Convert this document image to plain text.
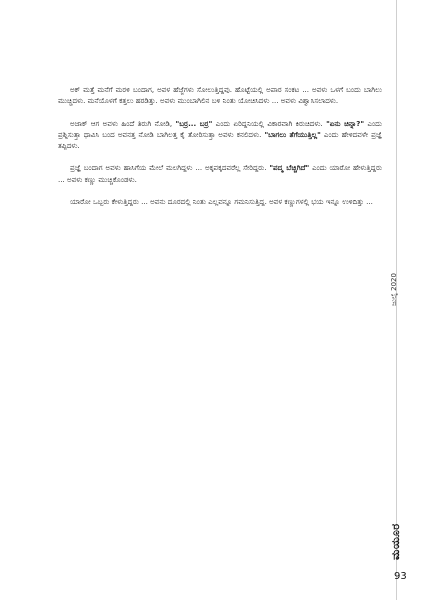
ಅಕ್ ಮತ್ತೆ ಮನೆಗೆ ಮರಳಿ ಬಂದಾಗ, ಅವಳ ಹೆಜ್ಜೆಗಳು ಸೋಲುತ್ತಿದ್ದವು. ಹೊಟ್ಟೆಯಲ್ಲಿ ಅಪಾರ ಸಂಕಟ ... ಅವಳು ಒಳಗೆ ಬಂದು ಬಾಗಿಲು ಮುಚ್ಚಿದಳು. ಮನೆಯೊಳಗೆ ಕತ್ತಲು ಹರಡಿತ್ತು. ಅವಳು ಮುಂಬಾಗಿಲಿನ ಬಳಿ ನಿಂತು ಯೋಚಿಸಿದಳು ... ಅವಳು ವಿಶ್ವಾಸಿಸಲಾದಳು.

ಅಜಾಕ್ ಆಗ ಅವಳು ಹಿಂದೆ ತಿರುಗಿ ನೋಡಿ, "ಬರ್ರ... ಬರ್ರ" ಎಂದು ಏರಿದ್ದನಿಯಲ್ಲಿ ವಿಕಾರವಾಗಿ ಕಿರುಚಿದಳು. "ಏನು ಚಿನ್ನಾ?" ಎಂದು ಪ್ರಶ್ನಿಸುತ್ತಾ ಧಾವಿಸಿ ಬಂದ ಅವನತ್ತ ನೋಡಿ ಬಾಗಿಲತ್ತ ಕೈ ತೋರಿಸುತ್ತಾ ಅವಳು ಕನಲಿದಳು. "ಬಾಗಲು ತೆಗೆಯುತ್ತಿಲ್ಲ" ಎಂದು ಹೇಳಿದವಳೇ ಪ್ರಜ್ಞೆ ತಪ್ಪಿದಳು.

ಪ್ರಜ್ಞೆ ಬಂದಾಗ ಅವಳು ಹಾಸಿಗೆಯ ಮೇಲೆ ಮಲಗಿದ್ದಳು ... ಅಕ್ಕಪಕ್ಕದವರೆಲ್ಲ ಸೇರಿದ್ದರು. "ಪದ್ಮ ಬೆಚ್ಚಿಗಿದೆ" ಎಂದು ಯಾರೋ ಹೇಳುತ್ತಿದ್ದರು ... ಅವಳು ಕಣ್ಣು ಮುಚ್ಚಿಕೊಂಡಳು.

ಯಾರೋ ಒಬ್ಬರು ಕೇಳುತ್ತಿದ್ದರು ... ಅವನು ದೂರದಲ್ಲಿ ನಿಂತು ಎಲ್ಲವನ್ನೂ ಗಮನಿಸುತ್ತಿದ್ದ. ಅವಳ ಕಣ್ಣುಗಳಲ್ಲಿ ಭಯ ಇನ್ನೂ ಉಳಿದಿತ್ತು ...

ಜುಲೈ 2020
ಮಯೂರ
93
